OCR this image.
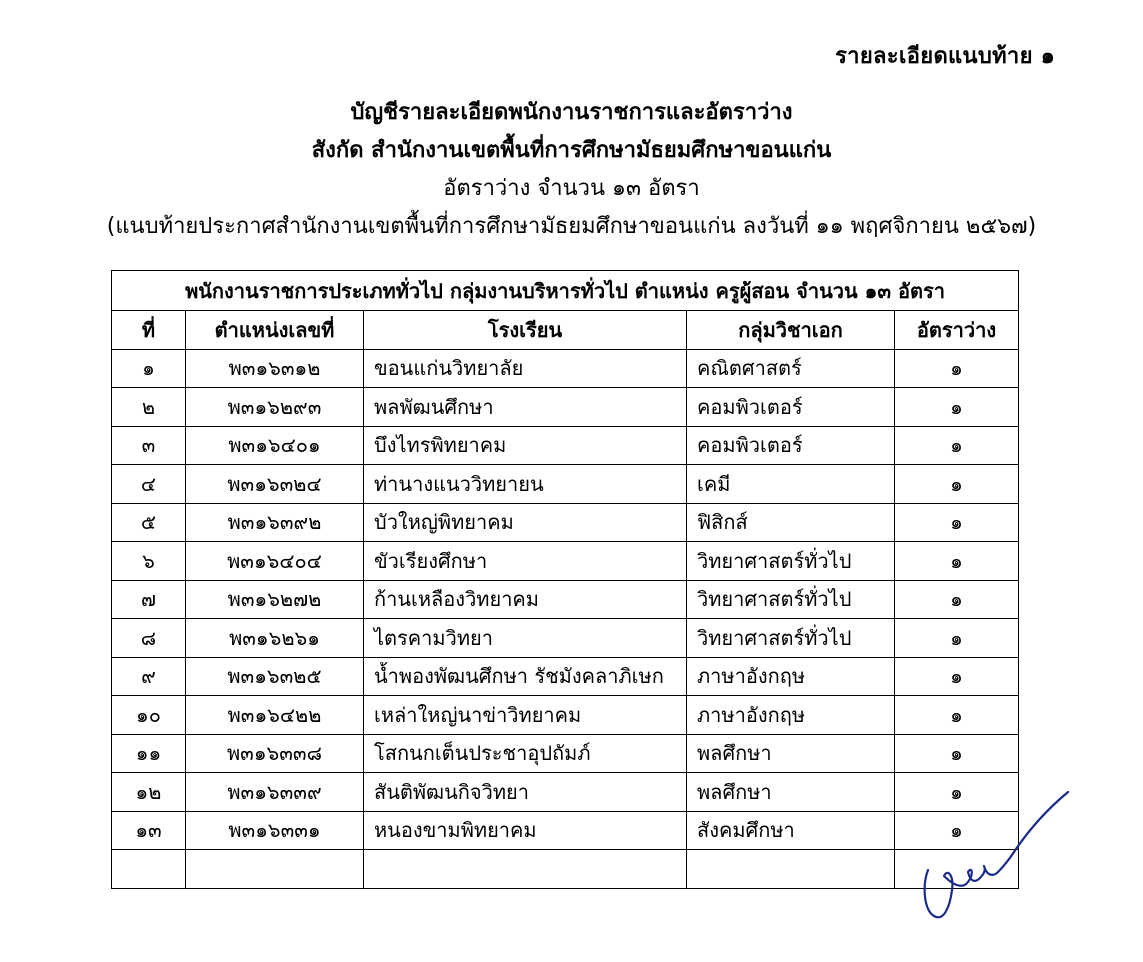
รายละเอียดแนบท้าย ๑
บัญชีรายละเอียดพนักงานราชการและอัตราว่าง
สังกัด สำนักงานเขตพื้นที่การศึกษามัธยมศึกษาขอนแก่น
อัตราว่าง จำนวน ๑๓ อัตรา
(แนบท้ายประกาศสำนักงานเขตพื้นที่การศึกษามัธยมศึกษาขอนแก่น ลงวันที่ ๑๑ พฤศจิกายน ๒๕๖๗)
พนักงานราชการประเภททั่วไป กลุ่มงานบริหารทั่วไป ตำแหน่ง ครูผู้สอน จำนวน ๑๓ อัตรา				
ที่	ตำแหน่งเลขที่	โรงเรียน	กลุ่มวิชาเอก	อัตราว่าง
๑	พ๓๑๖๓๑๒	ขอนแก่นวิทยาลัย	คณิตศาสตร์	๑
๒	พ๓๑๖๒๙๓	พลพัฒนศึกษา	คอมพิวเตอร์	๑
๓	พ๓๑๖๔๐๑	บึงไทรพิทยาคม	คอมพิวเตอร์	๑
๔	พ๓๑๖๓๒๔	ท่านางแนววิทยายน	เคมี	๑
๕	พ๓๑๖๓๙๒	บัวใหญ่พิทยาคม	ฟิสิกส์	๑
๖	พ๓๑๖๔๐๔	ขัวเรียงศึกษา	วิทยาศาสตร์ทั่วไป	๑
๗	พ๓๑๖๒๗๒	ก้านเหลืองวิทยาคม	วิทยาศาสตร์ทั่วไป	๑
๘	พ๓๑๖๒๖๑	ไตรคามวิทยา	วิทยาศาสตร์ทั่วไป	๑
๙	พ๓๑๖๓๒๕	น้ำพองพัฒนศึกษา รัชมังคลาภิเษก	ภาษาอังกฤษ	๑
๑๐	พ๓๑๖๔๒๒	เหล่าใหญ่นาข่าวิทยาคม	ภาษาอังกฤษ	๑
๑๑	พ๓๑๖๓๓๘	โสกนกเต็นประชาอุปถัมภ์	พลศึกษา	๑
๑๒	พ๓๑๖๓๓๙	สันติพัฒนกิจวิทยา	พลศึกษา	๑
๑๓	พ๓๑๖๓๓๑	หนองขามพิทยาคม	สังคมศึกษา	๑
